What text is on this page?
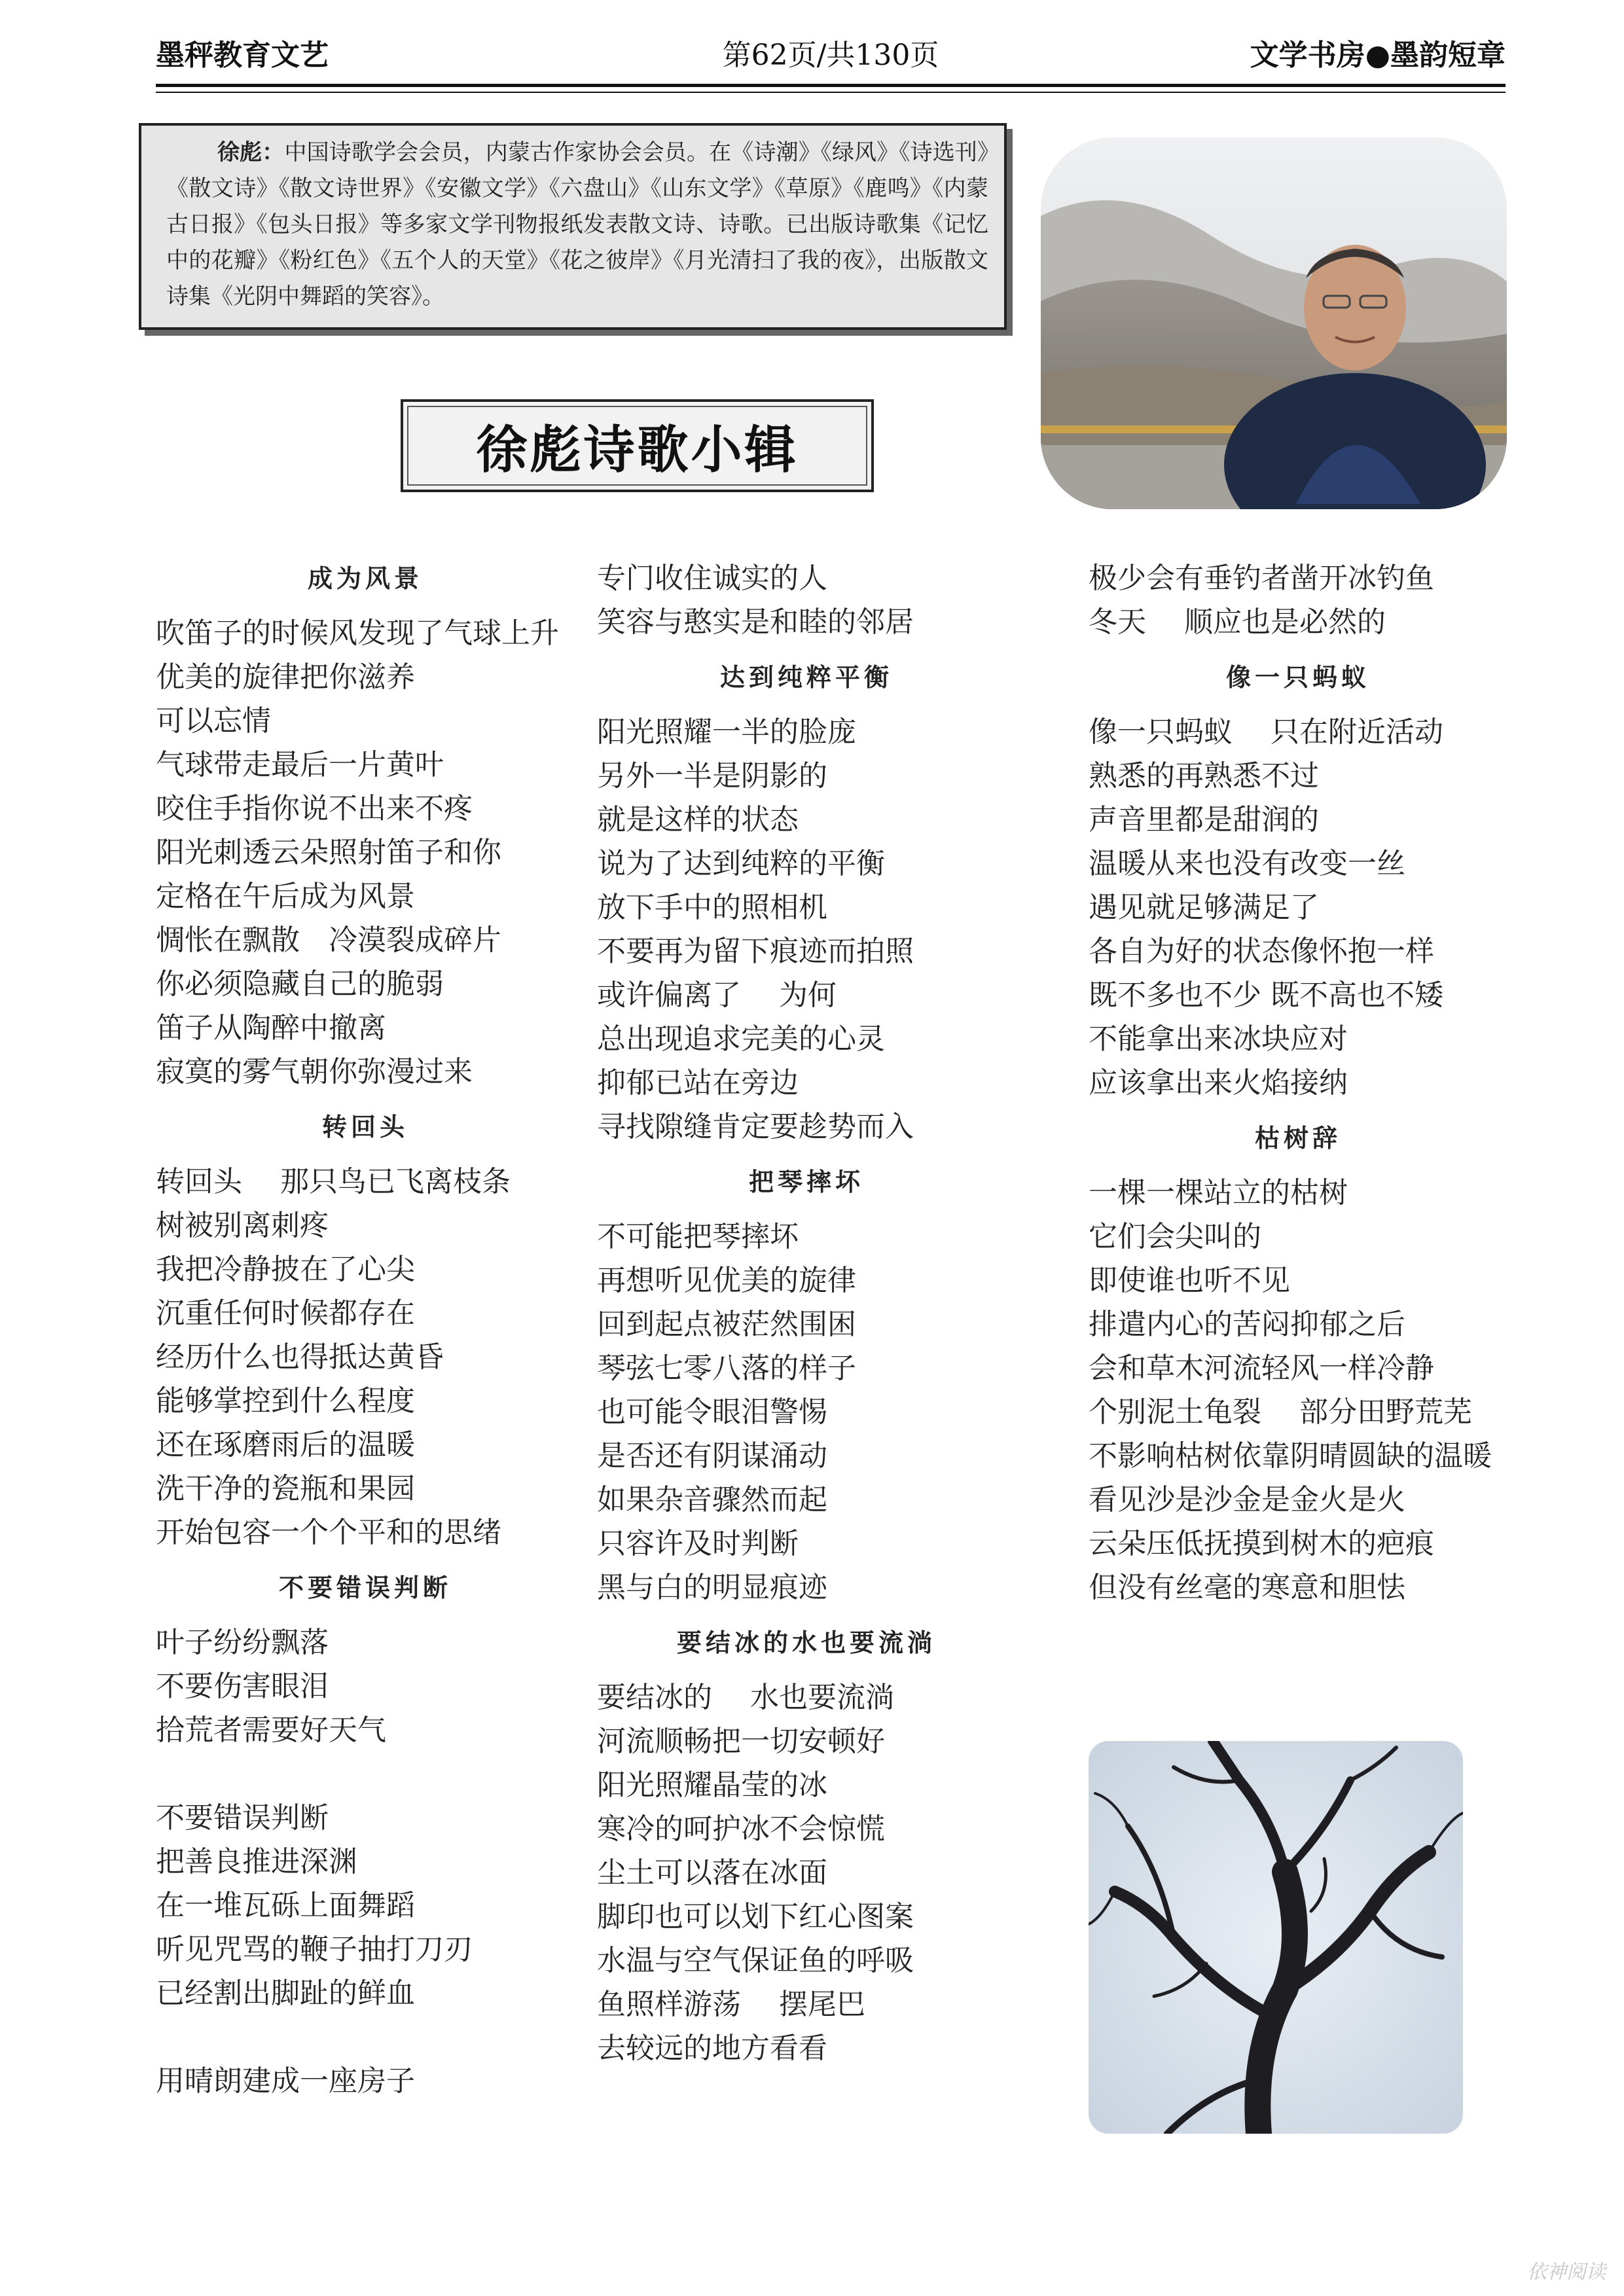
墨秤教育文艺	第62页/共130页	文学书房●墨韵短章
徐彪：中国诗歌学会会员，内蒙古作家协会会员。在《诗潮》《绿风》《诗选刊》《散文诗》《散文诗世界》《安徽文学》《六盘山》《山东文学》《草原》《鹿鸣》《内蒙古日报》《包头日报》等多家文学刊物报纸发表散文诗、诗歌。已出版诗歌集《记忆中的花瓣》《粉红色》《五个人的天堂》《花之彼岸》《月光清扫了我的夜》，出版散文诗集《光阴中舞蹈的笑容》。
徐彪诗歌小辑
成为风景
吹笛子的时候风发现了气球上升
优美的旋律把你滋养
可以忘情
气球带走最后一片黄叶
咬住手指你说不出来不疼
阳光刺透云朵照射笛子和你
定格在午后成为风景
惆怅在飘散　冷漠裂成碎片
你必须隐藏自己的脆弱
笛子从陶醉中撤离
寂寞的雾气朝你弥漫过来
转回头
转回头　 那只鸟已飞离枝条
树被别离刺疼
我把冷静披在了心尖
沉重任何时候都存在
经历什么也得抵达黄昏
能够掌控到什么程度
还在琢磨雨后的温暖
洗干净的瓷瓶和果园
开始包容一个个平和的思绪
不要错误判断
叶子纷纷飘落
不要伤害眼泪
拾荒者需要好天气
不要错误判断
把善良推进深渊
在一堆瓦砾上面舞蹈
听见咒骂的鞭子抽打刀刃
已经割出脚趾的鲜血
用晴朗建成一座房子
专门收住诚实的人
笑容与憨实是和睦的邻居
达到纯粹平衡
阳光照耀一半的脸庞
另外一半是阴影的
就是这样的状态
说为了达到纯粹的平衡
放下手中的照相机
不要再为留下痕迹而拍照
或许偏离了　 为何
总出现追求完美的心灵
抑郁已站在旁边
寻找隙缝肯定要趁势而入
把琴摔坏
不可能把琴摔坏
再想听见优美的旋律
回到起点被茫然围困
琴弦七零八落的样子
也可能令眼泪警惕
是否还有阴谋涌动
如果杂音骤然而起
只容许及时判断
黑与白的明显痕迹
要结冰的水也要流淌
要结冰的　 水也要流淌
河流顺畅把一切安顿好
阳光照耀晶莹的冰
寒冷的呵护冰不会惊慌
尘土可以落在冰面
脚印也可以划下红心图案
水温与空气保证鱼的呼吸
鱼照样游荡　 摆尾巴
去较远的地方看看
极少会有垂钓者凿开冰钓鱼
冬天　 顺应也是必然的
像一只蚂蚁
像一只蚂蚁　 只在附近活动
熟悉的再熟悉不过
声音里都是甜润的
温暖从来也没有改变一丝
遇见就足够满足了
各自为好的状态像怀抱一样
既不多也不少 既不高也不矮
不能拿出来冰块应对
应该拿出来火焰接纳
枯树辞
一棵一棵站立的枯树
它们会尖叫的
即使谁也听不见
排遣内心的苦闷抑郁之后
会和草木河流轻风一样冷静
个别泥土龟裂　 部分田野荒芜
不影响枯树依靠阴晴圆缺的温暖
看见沙是沙金是金火是火
云朵压低抚摸到树木的疤痕
但没有丝毫的寒意和胆怯
依神阅读
